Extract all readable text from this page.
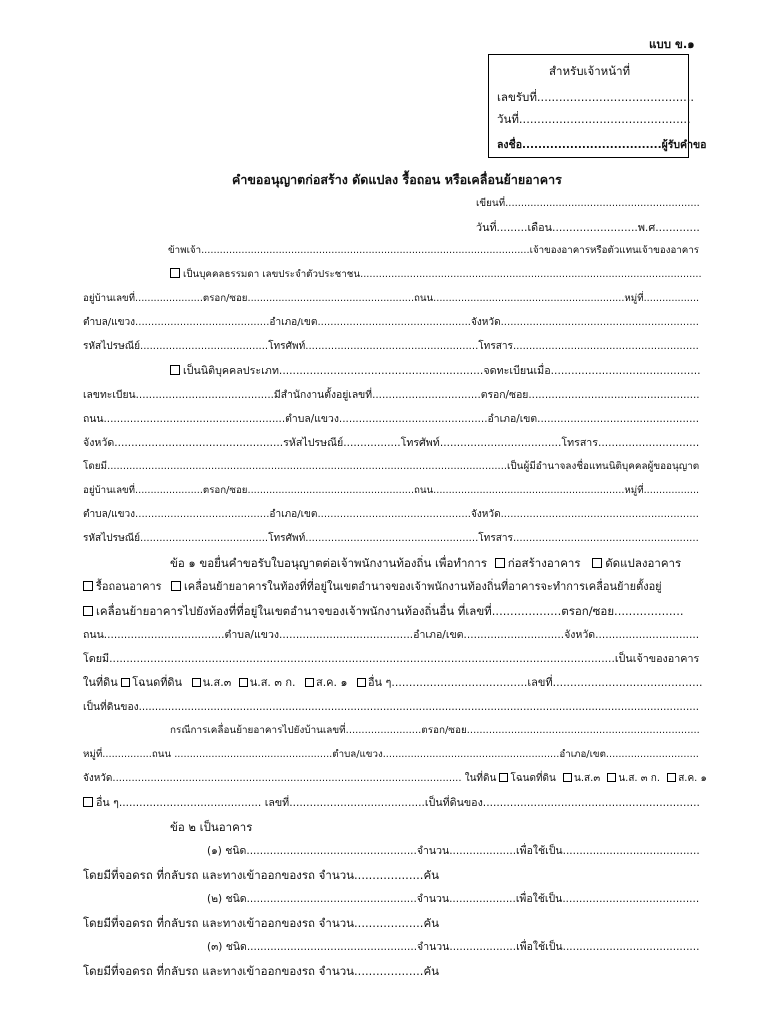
แบบ ข.๑
สำหรับเจ้าหน้าที่
เลขรับที่...........................................
วันที่...............................................
ลงชื่อ...................................ผู้รับคำขอ
คำขออนุญาตก่อสร้าง ดัดแปลง รื้อถอน หรือเคลื่อนย้ายอาคาร
เขียนที่..............................................................
วันที่.........เดือน.........................พ.ศ.............
ข้าพเจ้า..........................................................................................................เจ้าของอาคารหรือตัวแทนเจ้าของอาคาร
เป็นบุคคลธรรมดา เลขประจำตัวประชาชน..............................................................................................................
อยู่บ้านเลขที่......................ตรอก/ซอย......................................................ถนน..............................................................หมู่ที่..................
ตำบล/แขวง..........................................อำเภอ/เขต................................................จังหวัด..............................................................
รหัสไปรษณีย์........................................โทรศัพท์......................................................โทรสาร..........................................................
เป็นนิติบุคคลประเภท............................................................จดทะเบียนเมื่อ............................................
เลขทะเบียน..........................................มีสำนักงานตั้งอยู่เลขที่.................................ตรอก/ซอย....................................................
ถนน.......................................................ตำบล/แขวง.............................................อำเภอ/เขต.................................................
จังหวัด..................................................รหัสไปรษณีย์.................โทรศัพท์....................................โทรสาร..............................
โดยมี...............................................................................................................................เป็นผู้มีอำนาจลงชื่อแทนนิติบุคคลผู้ขออนุญาต
อยู่บ้านเลขที่......................ตรอก/ซอย......................................................ถนน..............................................................หมู่ที่..................
ตำบล/แขวง..........................................อำเภอ/เขต................................................จังหวัด..............................................................
รหัสไปรษณีย์........................................โทรศัพท์......................................................โทรสาร..........................................................
ข้อ ๑ ขอยื่นคำขอรับใบอนุญาตต่อเจ้าพนักงานท้องถิ่น เพื่อทำการ ก่อสร้างอาคาร ดัดแปลงอาคาร
รื้อถอนอาคาร เคลื่อนย้ายอาคารในท้องที่ที่อยู่ในเขตอำนาจของเจ้าพนักงานท้องถิ่นที่อาคารจะทำการเคลื่อนย้ายตั้งอยู่
เคลื่อนย้ายอาคารไปยังท้องที่ที่อยู่ในเขตอำนาจของเจ้าพนักงานท้องถิ่นอื่น ที่เลขที่...................ตรอก/ซอย...................
ถนน....................................ตำบล/แขวง........................................อำเภอ/เขต..............................จังหวัด...............................
โดยมี....................................................................................................................................................เป็นเจ้าของอาคาร
ในที่ดิน โฉนดที่ดิน น.ส.๓ น.ส. ๓ ก. ส.ค. ๑ อื่น ๆ.......................................เลขที่...........................................
เป็นที่ดินของ............................................................................................................................................................................
กรณีการเคลื่อนย้ายอาคารไปยังบ้านเลขที่........................ตรอก/ซอย..........................................................................
หมู่ที่................ถนน ...................................................ตำบล/แขวง.........................................................อำเภอ/เขต..............................
จังหวัด.............................................................................................................. ในที่ดิน โฉนดที่ดิน น.ส.๓ น.ส. ๓ ก. ส.ค. ๑
อื่น ๆ.......................................... เลขที่........................................เป็นที่ดินของ................................................................
ข้อ ๒ เป็นอาคาร
(๑) ชนิด...................................................จำนวน....................เพื่อใช้เป็น.........................................
โดยมีที่จอดรถ ที่กลับรถ และทางเข้าออกของรถ จำนวน...................คัน
(๒) ชนิด...................................................จำนวน....................เพื่อใช้เป็น.........................................
โดยมีที่จอดรถ ที่กลับรถ และทางเข้าออกของรถ จำนวน...................คัน
(๓) ชนิด...................................................จำนวน....................เพื่อใช้เป็น.........................................
โดยมีที่จอดรถ ที่กลับรถ และทางเข้าออกของรถ จำนวน...................คัน
